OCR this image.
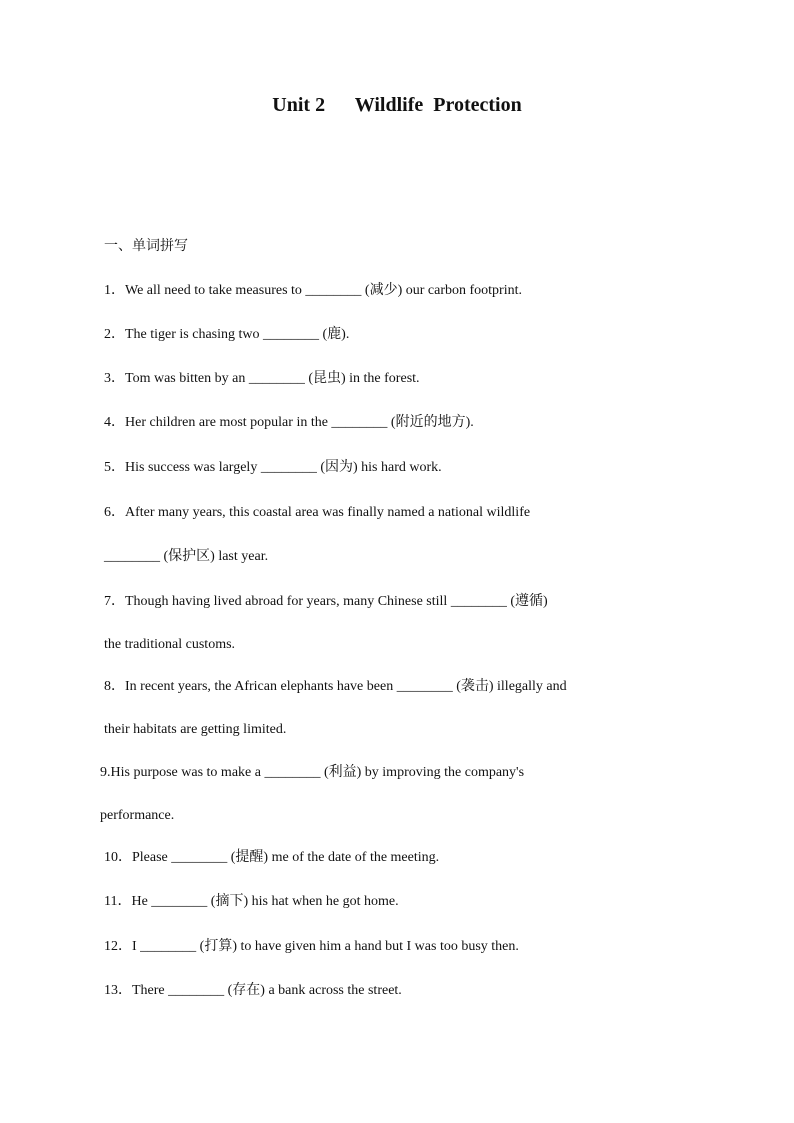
Unit 2      Wildlife  Protection
一、单词拼写
1．We all need to take measures to ________ (减少) our carbon footprint.
2．The tiger is chasing two ________ (鹿).
3．Tom was bitten by an ________ (昆虫) in the forest.
4．Her children are most popular in the ________ (附近的地方).
5．His success was largely ________ (因为) his hard work.
6．After many years, this coastal area was finally named a national wildlife
________ (保护区) last year.
7．Though having lived abroad for years, many Chinese still ________ (遵循)
the traditional customs.
8．In recent years, the African elephants have been ________ (袭击) illegally and
their habitats are getting limited.
9.His purpose was to make a ________ (利益) by improving the company's
performance.
10．Please ________ (提醒) me of the date of the meeting.
11．He ________ (摘下) his hat when he got home.
12．I ________ (打算) to have given him a hand but I was too busy then.
13．There ________ (存在) a bank across the street.
